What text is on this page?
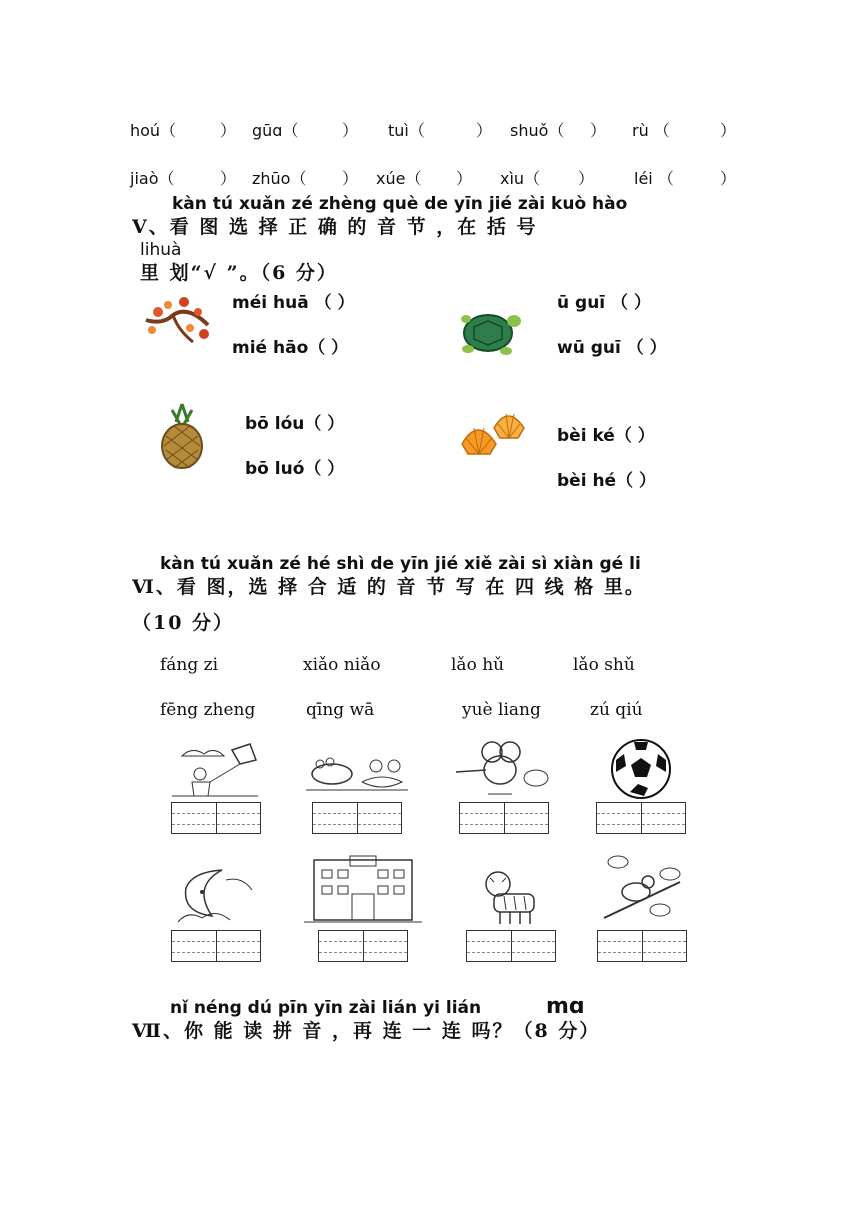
hoú（	） gūɑ（	） tuì（	） shuǒ（ ） rù （	）
jiaò（	） zhūo（ ） xúe（ ） xìu（ ） léi （	）
kàn tú xuǎn zé zhèng què de yīn jié zài kuò hào
Ⅴ、看 图 选 择 正 确 的 音 节 ，在 括 号
lihuà
里 划“√ ”。（6 分）
méi huā （ ）
mié hāo（ ）
ū guī （ ）
wū guī （ ）
bō lóu（ ）
bō luó（ ）
bèi ké（ ）
bèi hé（ ）
kàn tú xuǎn zé hé shì de yīn jié xiě zài sì xiàn gé li
Ⅵ、看 图，选 择 合 适 的 音 节 写 在 四 线 格 里。
（10 分）
fáng zi	xiǎo niǎo	lǎo hǔ	lǎo shǔ
fēng zheng	qīng wā	yuè liang	zú qiú
nǐ néng dú pīn yīn zài lián yi lián	mɑ
Ⅶ、你 能 读 拼 音 ，再 连 一 连 吗？（8 分）
